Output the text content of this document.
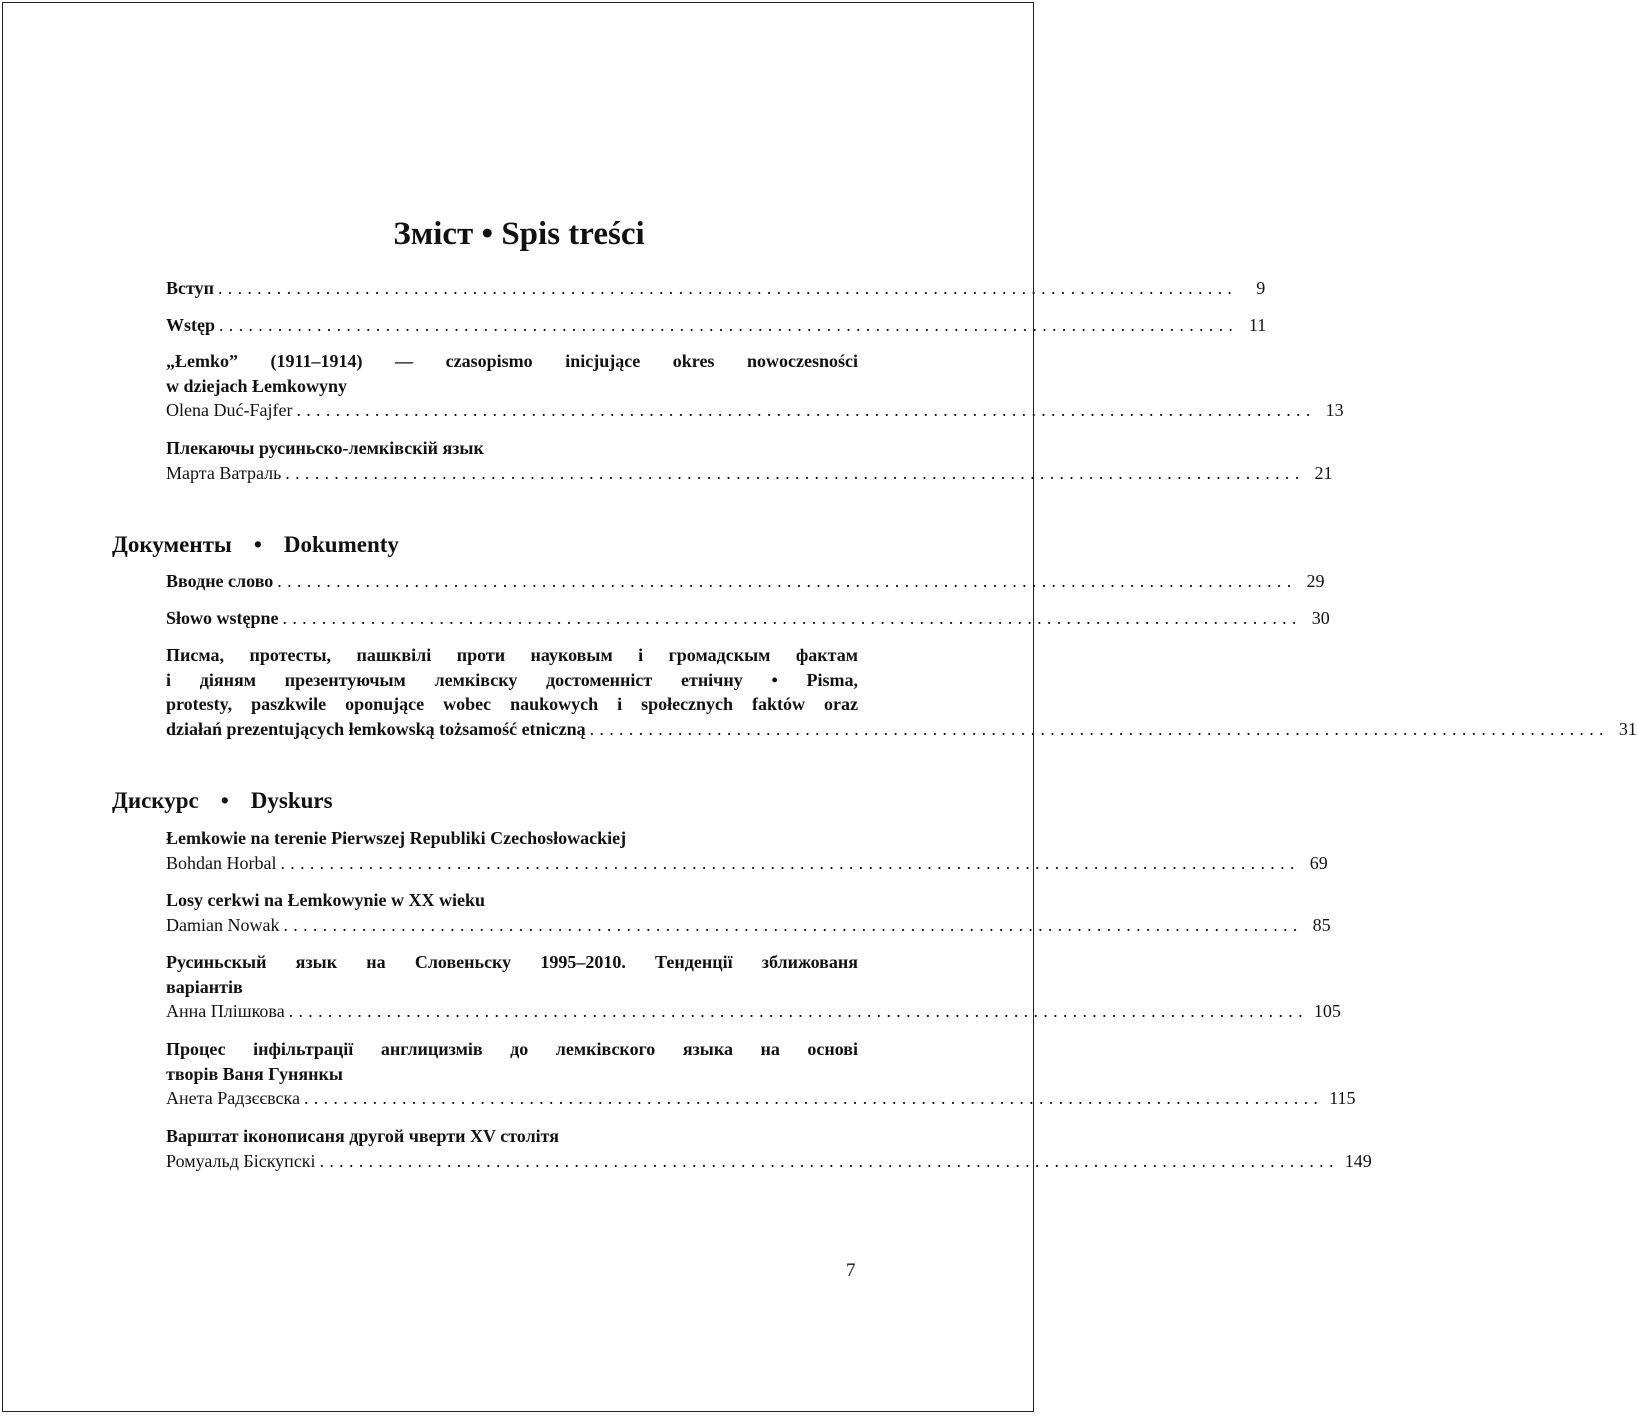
Зміст • Spis treści
Вступ ........................................................................................................	9
Wstęp ........................................................................................................ 11
„Łemko” (1911–1914) — czasopismo inicjujące okres nowoczesności
w dziejach Łemkowyny
Olena Duć-Fajfer ........................................................................................................ 13
Плекаючы русиньско-лемківскій язык
Марта Ватраль ........................................................................................................ 21
Документы • Dokumenty
Вводне слово ........................................................................................................ 29
Słowo wstępne ........................................................................................................ 30
Писма, протесты, пашквілі проти науковым і громадскым фактам
і діяням презентуючым лемківску достоменніст етнічну • Pisma,
protesty, paszkwile oponujące wobec naukowych i społecznych faktów oraz
działań prezentujących łemkowską tożsamość etniczną ........................................................................................................ 31
Дискурс • Dyskurs
Łemkowie na terenie Pierwszej Republiki Czechosłowackiej
Bohdan Horbal ........................................................................................................ 69
Losy cerkwi na Łemkowynie w XX wieku
Damian Nowak ........................................................................................................ 85
Русиньскый язык на Словеньску 1995–2010. Тенденції зближованя
варіантів
Анна Плішкова ........................................................................................................ 105
Процес інфільтрації англицизмів до лемківского языка на основі
творів Ваня Гунянкы
Анета Радзєєвска ........................................................................................................ 115
Варштат іконописаня другой чверти XV столітя
Ромуальд Біскупскі ........................................................................................................ 149
7
